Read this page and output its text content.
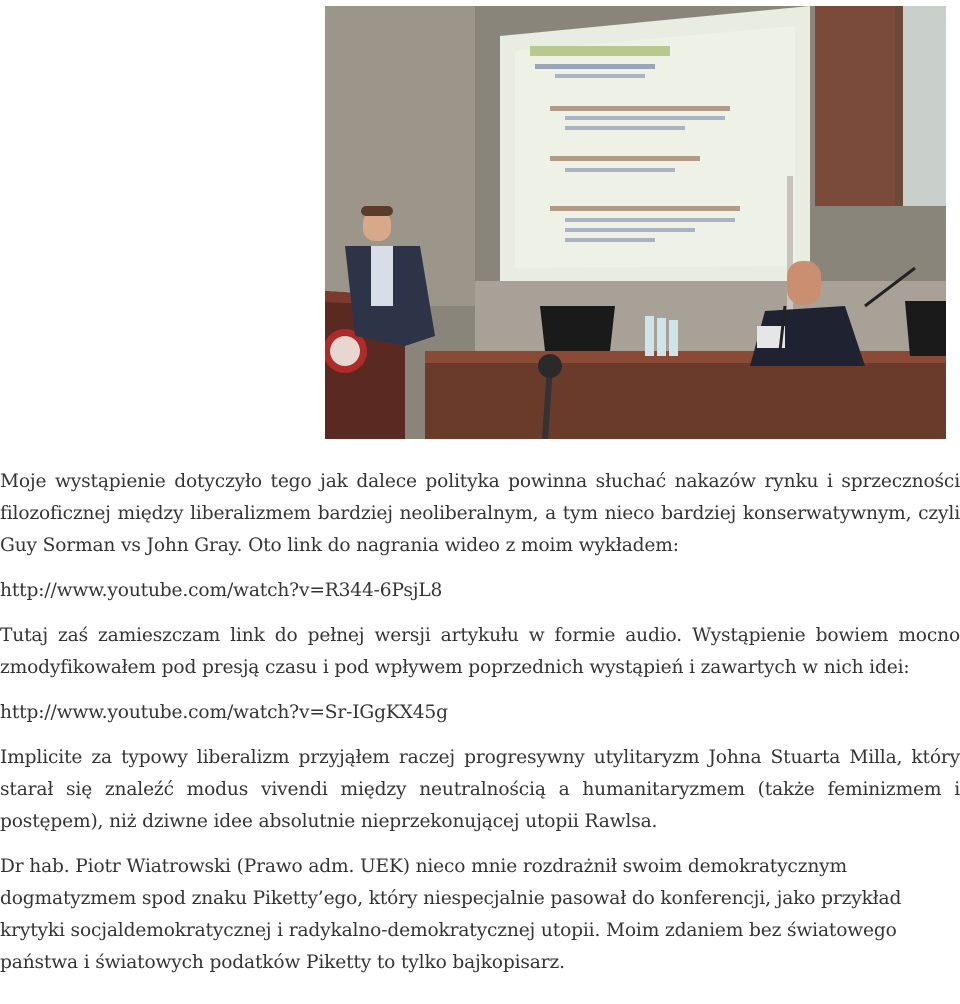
Moje wystąpienie dotyczyło tego jak dalece polityka powinna słuchać nakazów rynku i sprzeczności filozoficznej między liberalizmem bardziej neoliberalnym, a tym nieco bardziej konserwatywnym, czyli Guy Sorman vs John Gray. Oto link do nagrania wideo z moim wykładem:

http://www.youtube.com/watch?v=R344-6PsjL8

Tutaj zaś zamieszczam link do pełnej wersji artykułu w formie audio. Wystąpienie bowiem mocno zmodyfikowałem pod presją czasu i pod wpływem poprzednich wystąpień i zawartych w nich idei:

http://www.youtube.com/watch?v=Sr-IGgKX45g

Implicite za typowy liberalizm przyjąłem raczej progresywny utylitaryzm Johna Stuarta Milla, który starał się znaleźć modus vivendi między neutralnością a humanitaryzmem (także feminizmem i postępem), niż dziwne idee absolutnie nieprzekonującej utopii Rawlsa.

Dr hab. Piotr Wiatrowski (Prawo adm. UEK) nieco mnie rozdrażnił swoim demokratycznym dogmatyzmem spod znaku Piketty’ego, który niespecjalnie pasował do konferencji, jako przykład krytyki socjaldemokratycznej i radykalno-demokratycznej utopii. Moim zdaniem bez światowego państwa i światowych podatków Piketty to tylko bajkopisarz.
